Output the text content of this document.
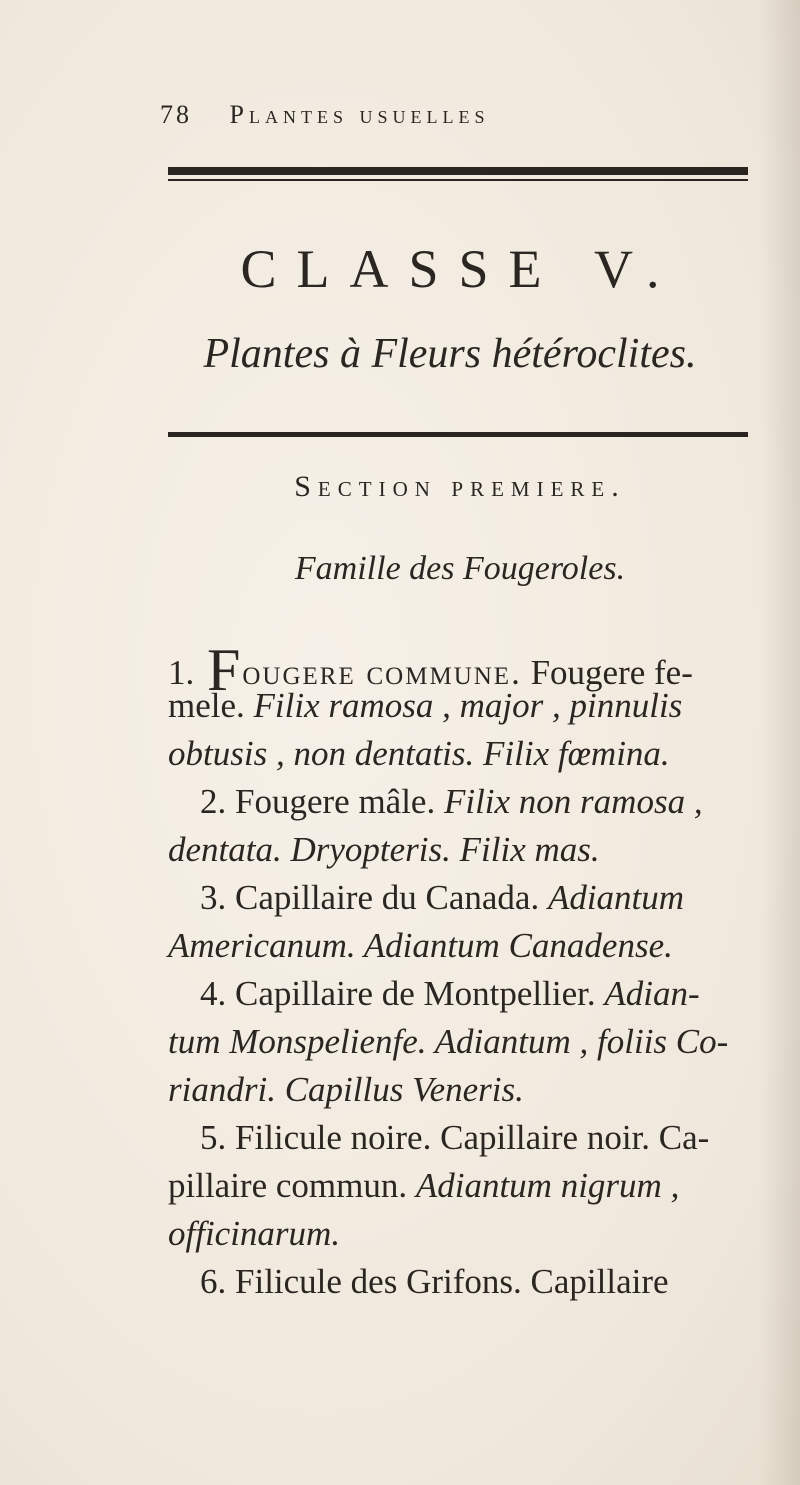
78 Plantes usuelles
CLASSE V.
Plantes à Fleurs hétéroclites.
Section premiere.
Famille des Fougeroles.
1. Fougere commune. Fougere fe-
mele. Filix ramosa , major , pinnulis
obtusis , non dentatis. Filix fœmina.
2. Fougere mâle. Filix non ramosa ,
dentata. Dryopteris. Filix mas.
3. Capillaire du Canada. Adiantum
Americanum. Adiantum Canadense.
4. Capillaire de Montpellier. Adian-
tum Monspelienfe. Adiantum , foliis Co-
riandri. Capillus Veneris.
5. Filicule noire. Capillaire noir. Ca-
pillaire commun. Adiantum nigrum ,
officinarum.
6. Filicule des Grifons. Capillaire
